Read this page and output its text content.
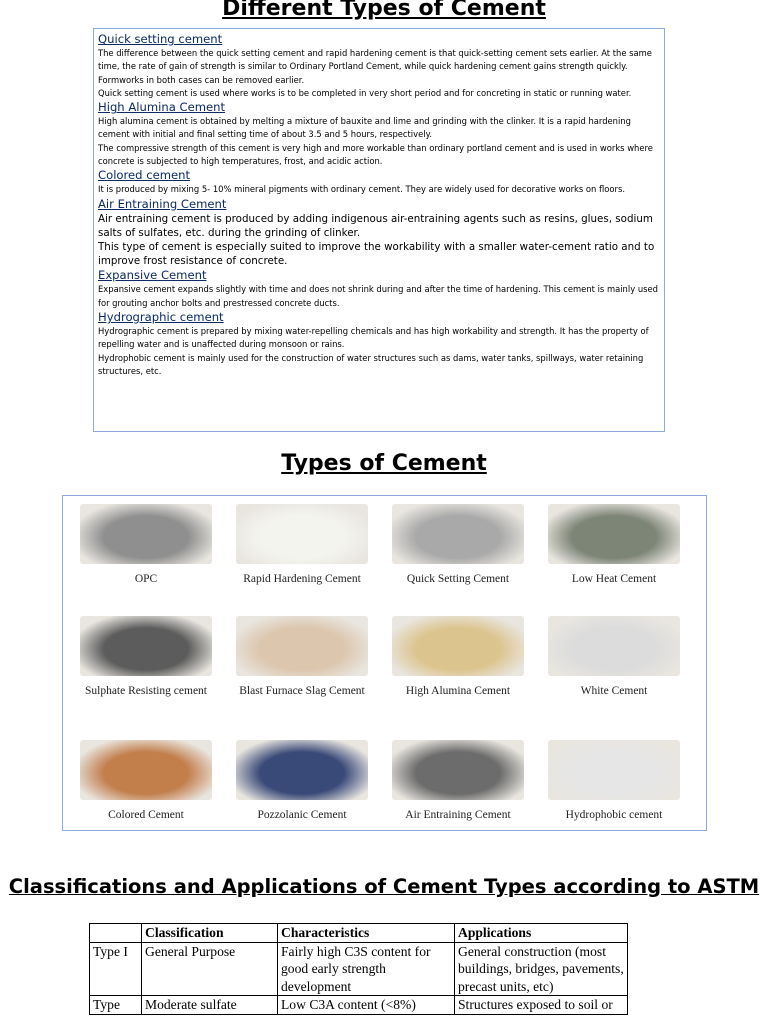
Different Types of Cement
Quick setting cement

The difference between the quick setting cement and rapid hardening cement is that quick-setting cement sets earlier. At the same time, the rate of gain of strength is similar to Ordinary Portland Cement, while quick hardening cement gains strength quickly. Formworks in both cases can be removed earlier.

Quick setting cement is used where works is to be completed in very short period and for concreting in static or running water.

High Alumina Cement

High alumina cement is obtained by melting a mixture of bauxite and lime and grinding with the clinker. It is a rapid hardening cement with initial and final setting time of about 3.5 and 5 hours, respectively.

The compressive strength of this cement is very high and more workable than ordinary portland cement and is used in works where concrete is subjected to high temperatures, frost, and acidic action.

Colored cement

It is produced by mixing 5- 10% mineral pigments with ordinary cement. They are widely used for decorative works on floors.

Air Entraining Cement

Air entraining cement is produced by adding indigenous air-entraining agents such as resins, glues, sodium salts of sulfates, etc. during the grinding of clinker.

This type of cement is especially suited to improve the workability with a smaller water-cement ratio and to improve frost resistance of concrete.

Expansive Cement

Expansive cement expands slightly with time and does not shrink during and after the time of hardening. This cement is mainly used for grouting anchor bolts and prestressed concrete ducts.

Hydrographic cement

Hydrographic cement is prepared by mixing water-repelling chemicals and has high workability and strength. It has the property of repelling water and is unaffected during monsoon or rains.

Hydrophobic cement is mainly used for the construction of water structures such as dams, water tanks, spillways, water retaining structures, etc.

Types of Cement
OPC	Rapid Hardening Cement	Quick Setting Cement	Low Heat Cement
Sulphate Resisting cement	Blast Furnace Slag Cement	High Alumina Cement	White Cement
Colored Cement	Pozzolanic Cement	Air Entraining Cement	Hydrophobic cement
Classifications and Applications of Cement Types according to ASTM
	Classification	Characteristics	Applications
Type I	General Purpose	Fairly high C3S content for good early strength development	General construction (most buildings, bridges, pavements, precast units, etc)
Type	Moderate sulfate	Low C3A content (<8%)	Structures exposed to soil or
